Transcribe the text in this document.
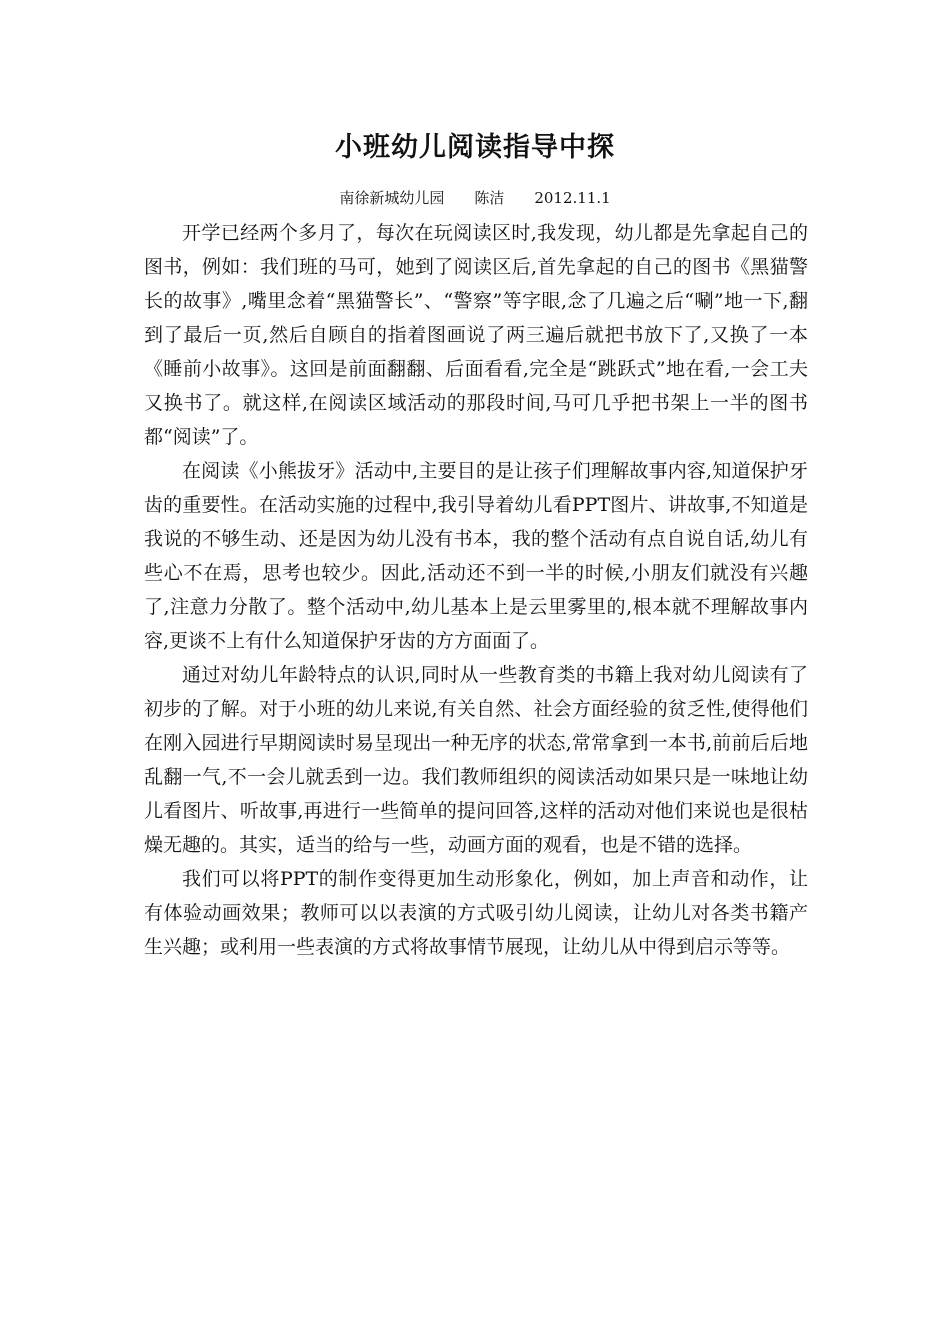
小班幼儿阅读指导中探
南徐新城幼儿园 陈洁 2012.11.1

开学已经两个多月了，每次在玩阅读区时,我发现，幼儿都是先拿起自己的图书，例如：我们班的马可，她到了阅读区后,首先拿起的自己的图书《黑猫警长的故事》,嘴里念着“黑猫警长”、“警察”等字眼,念了几遍之后“唰”地一下,翻到了最后一页,然后自顾自的指着图画说了两三遍后就把书放下了,又换了一本《睡前小故事》。这回是前面翻翻、后面看看,完全是“跳跃式”地在看,一会工夫又换书了。就这样,在阅读区域活动的那段时间,马可几乎把书架上一半的图书都“阅读”了。

在阅读《小熊拔牙》活动中,主要目的是让孩子们理解故事内容,知道保护牙齿的重要性。在活动实施的过程中,我引导着幼儿看PPT图片、讲故事,不知道是我说的不够生动、还是因为幼儿没有书本，我的整个活动有点自说自话,幼儿有些心不在焉，思考也较少。因此,活动还不到一半的时候,小朋友们就没有兴趣了,注意力分散了。整个活动中,幼儿基本上是云里雾里的,根本就不理解故事内容,更谈不上有什么知道保护牙齿的方方面面了。

通过对幼儿年龄特点的认识,同时从一些教育类的书籍上我对幼儿阅读有了初步的了解。对于小班的幼儿来说,有关自然、社会方面经验的贫乏性,使得他们在刚入园进行早期阅读时易呈现出一种无序的状态,常常拿到一本书,前前后后地乱翻一气,不一会儿就丢到一边。我们教师组织的阅读活动如果只是一味地让幼儿看图片、听故事,再进行一些简单的提问回答,这样的活动对他们来说也是很枯燥无趣的。其实，适当的给与一些，动画方面的观看，也是不错的选择。

我们可以将PPT的制作变得更加生动形象化，例如，加上声音和动作，让有体验动画效果；教师可以以表演的方式吸引幼儿阅读，让幼儿对各类书籍产生兴趣；或利用一些表演的方式将故事情节展现，让幼儿从中得到启示等等。
